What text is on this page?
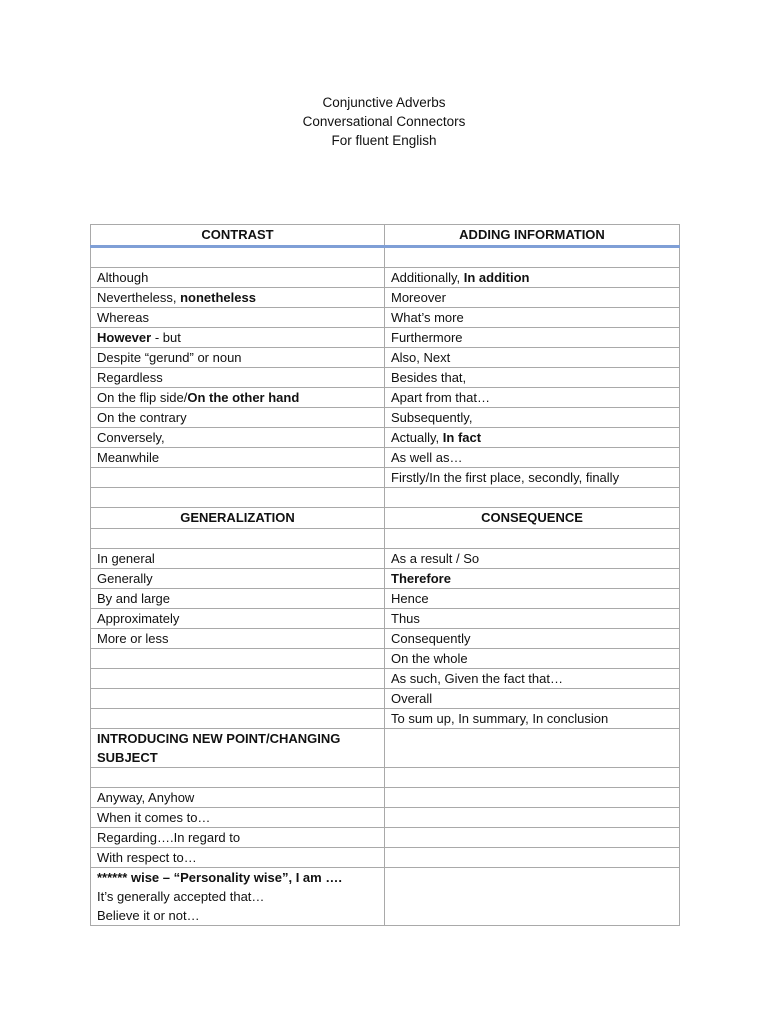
Conjunctive Adverbs
Conversational Connectors
For fluent English
CONTRAST	ADDING INFORMATION

Although	Additionally, In addition
Nevertheless, nonetheless	Moreover
Whereas	What’s more
However - but	Furthermore
Despite “gerund” or noun	Also, Next
Regardless	Besides that,
On the flip side/On the other hand	Apart from that…
On the contrary	Subsequently,
Conversely,	Actually, In fact
Meanwhile	As well as…
	Firstly/In the first place, secondly, finally

GENERALIZATION	CONSEQUENCE

In general	As a result / So
Generally	Therefore
By and large	Hence
Approximately	Thus
More or less	Consequently
	On the whole
	As such, Given the fact that…
	Overall
	To sum up, In summary, In conclusion
INTRODUCING NEW POINT/CHANGING SUBJECT	

Anyway, Anyhow	
When it comes to…	
Regarding….In regard to	
With respect to…	

****** wise – “Personality wise”, I am ….
It’s generally accepted that…
Believe it or not…	
